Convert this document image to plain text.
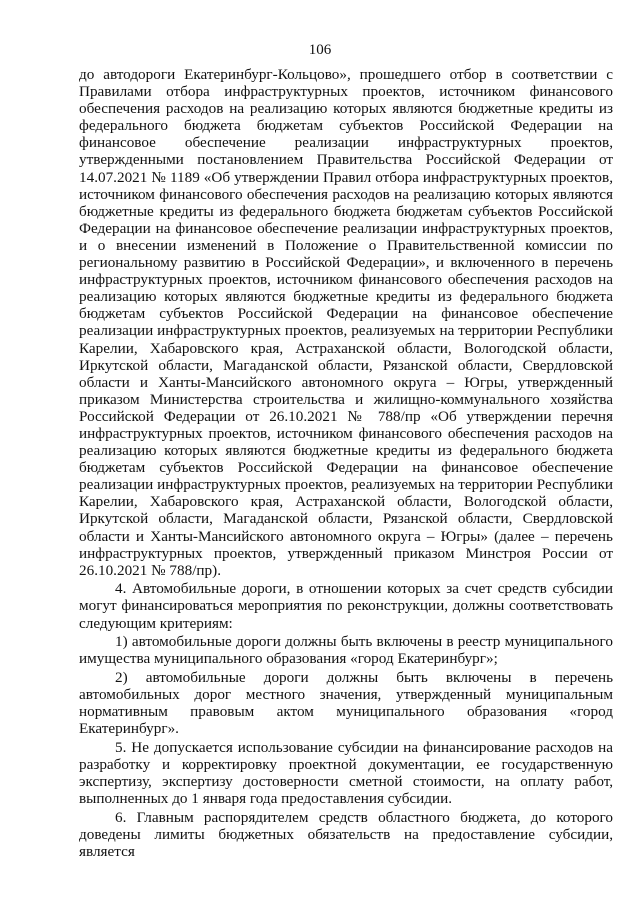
106

до автодороги Екатеринбург-Кольцово», прошедшего отбор в соответствии с Правилами отбора инфраструктурных проектов, источником финансового обеспечения расходов на реализацию которых являются бюджетные кредиты из федерального бюджета бюджетам субъектов Российской Федерации на финансовое обеспечение реализации инфраструктурных проектов, утвержденными постановлением Правительства Российской Федерации от 14.07.2021 № 1189 «Об утверждении Правил отбора инфраструктурных проектов, источником финансового обеспечения расходов на реализацию которых являются бюджетные кредиты из федерального бюджета бюджетам субъектов Российской Федерации на финансовое обеспечение реализации инфраструктурных проектов, и о внесении изменений в Положение о Правительственной комиссии по региональному развитию в Российской Федерации», и включенного в перечень инфраструктурных проектов, источником финансового обеспечения расходов на реализацию которых являются бюджетные кредиты из федерального бюджета бюджетам субъектов Российской Федерации на финансовое обеспечение реализации инфраструктурных проектов, реализуемых на территории Республики Карелии, Хабаровского края, Астраханской области, Вологодской области, Иркутской области, Магаданской области, Рязанской области, Свердловской области и Ханты-Мансийского автономного округа – Югры, утвержденный приказом Министерства строительства и жилищно-коммунального хозяйства Российской Федерации от 26.10.2021 № 788/пр «Об утверждении перечня инфраструктурных проектов, источником финансового обеспечения расходов на реализацию которых являются бюджетные кредиты из федерального бюджета бюджетам субъектов Российской Федерации на финансовое обеспечение реализации инфраструктурных проектов, реализуемых на территории Республики Карелии, Хабаровского края, Астраханской области, Вологодской области, Иркутской области, Магаданской области, Рязанской области, Свердловской области и Ханты-Мансийского автономного округа – Югры» (далее – перечень инфраструктурных проектов, утвержденный приказом Минстроя России от 26.10.2021 № 788/пр).

4. Автомобильные дороги, в отношении которых за счет средств субсидии могут финансироваться мероприятия по реконструкции, должны соответствовать следующим критериям:

1) автомобильные дороги должны быть включены в реестр муниципального имущества муниципального образования «город Екатеринбург»;

2) автомобильные дороги должны быть включены в перечень автомобильных дорог местного значения, утвержденный муниципальным нормативным правовым актом муниципального образования «город Екатеринбург».

5. Не допускается использование субсидии на финансирование расходов на разработку и корректировку проектной документации, ее государственную экспертизу, экспертизу достоверности сметной стоимости, на оплату работ, выполненных до 1 января года предоставления субсидии.

6. Главным распорядителем средств областного бюджета, до которого доведены лимиты бюджетных обязательств на предоставление субсидии, является
